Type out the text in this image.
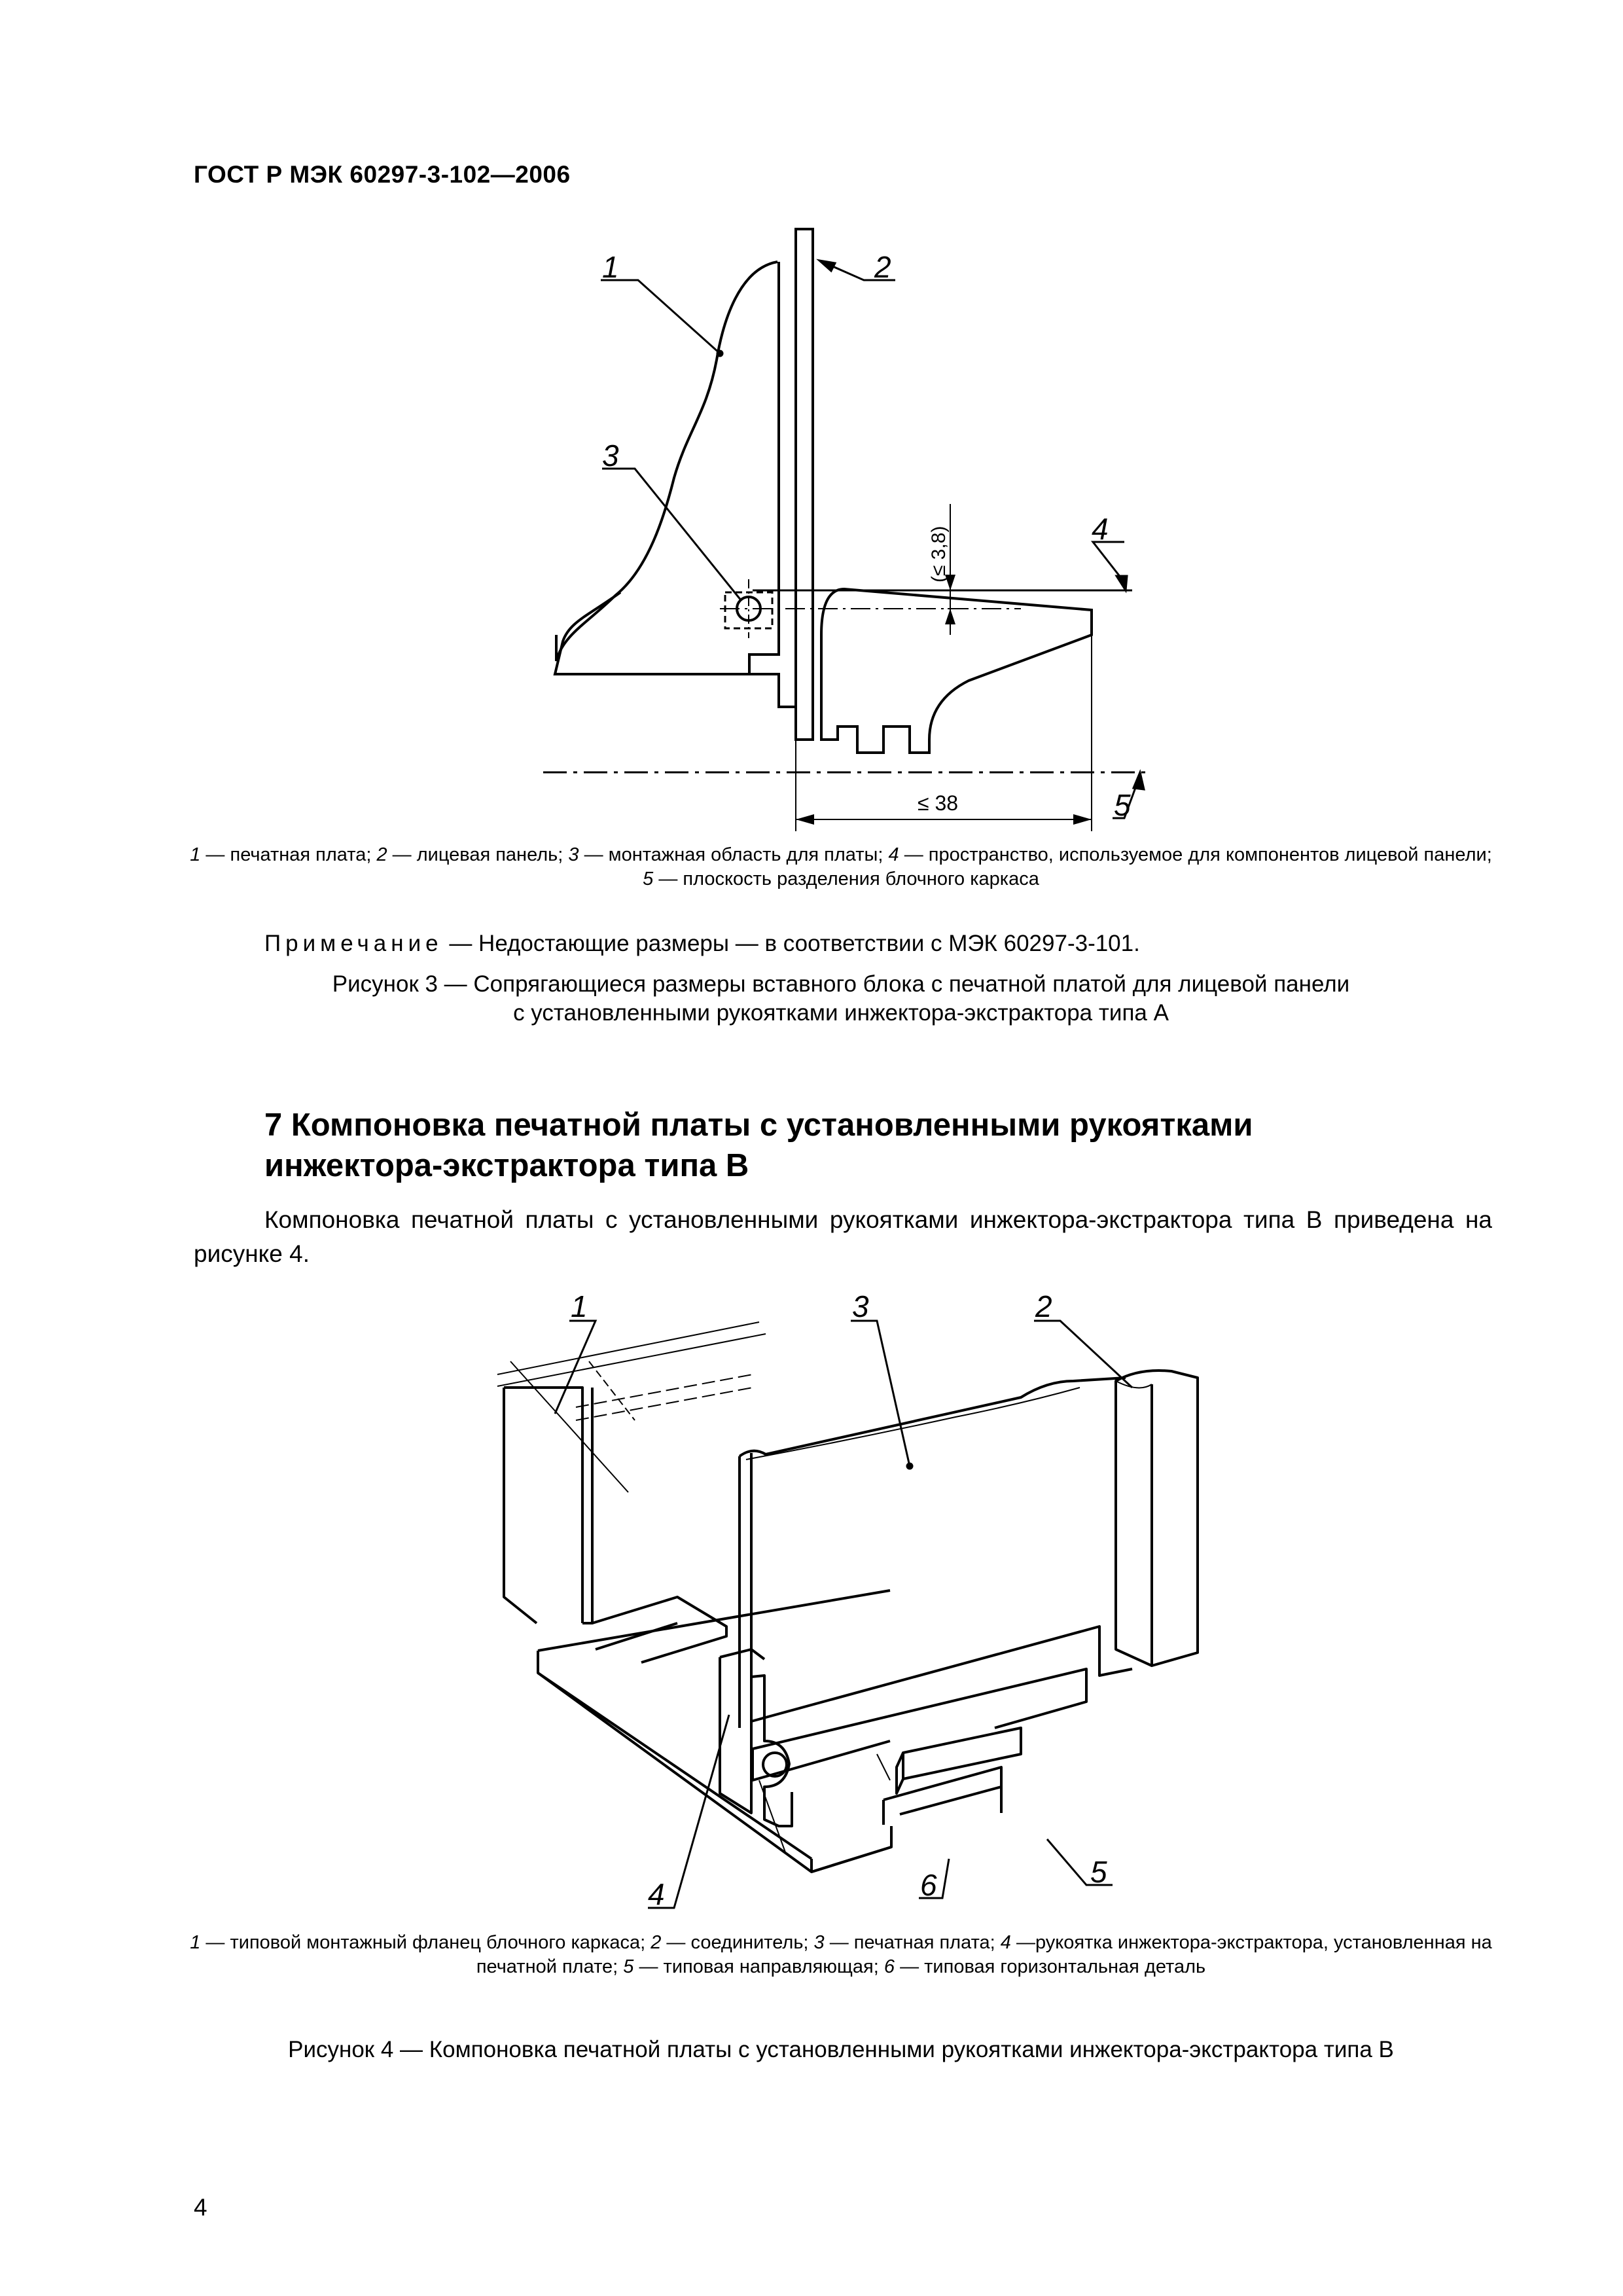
ГОСТ Р МЭК 60297-3-102—2006
1	2
3
4
5
(≤ 3,8)
≤ 38
1 — печатная плата; 2 — лицевая панель; 3 — монтажная область для платы; 4 — пространство, используемое для компонентов лицевой панели; 5 — плоскость разделения блочного каркаса
Примечание — Недостающие размеры — в соответствии с МЭК 60297-3-101.
Рисунок 3 — Сопрягающиеся размеры вставного блока с печатной платой для лицевой панели
с установленными рукоятками инжектора-экстрактора типа А
7 Компоновка печатной платы с установленными рукоятками
инжектора-экстрактора типа В
Компоновка печатной платы с установленными рукоятками инжектора-экстрактора типа В приведена на рисунке 4.
1	3	2
4
5
6
1 — типовой монтажный фланец блочного каркаса; 2 — соединитель; 3 — печатная плата; 4 —рукоятка инжектора-экстрактора, установленная на печатной плате; 5 — типовая направляющая; 6 — типовая горизонтальная деталь
Рисунок 4 — Компоновка печатной платы с установленными рукоятками инжектора-экстрактора типа В
4
